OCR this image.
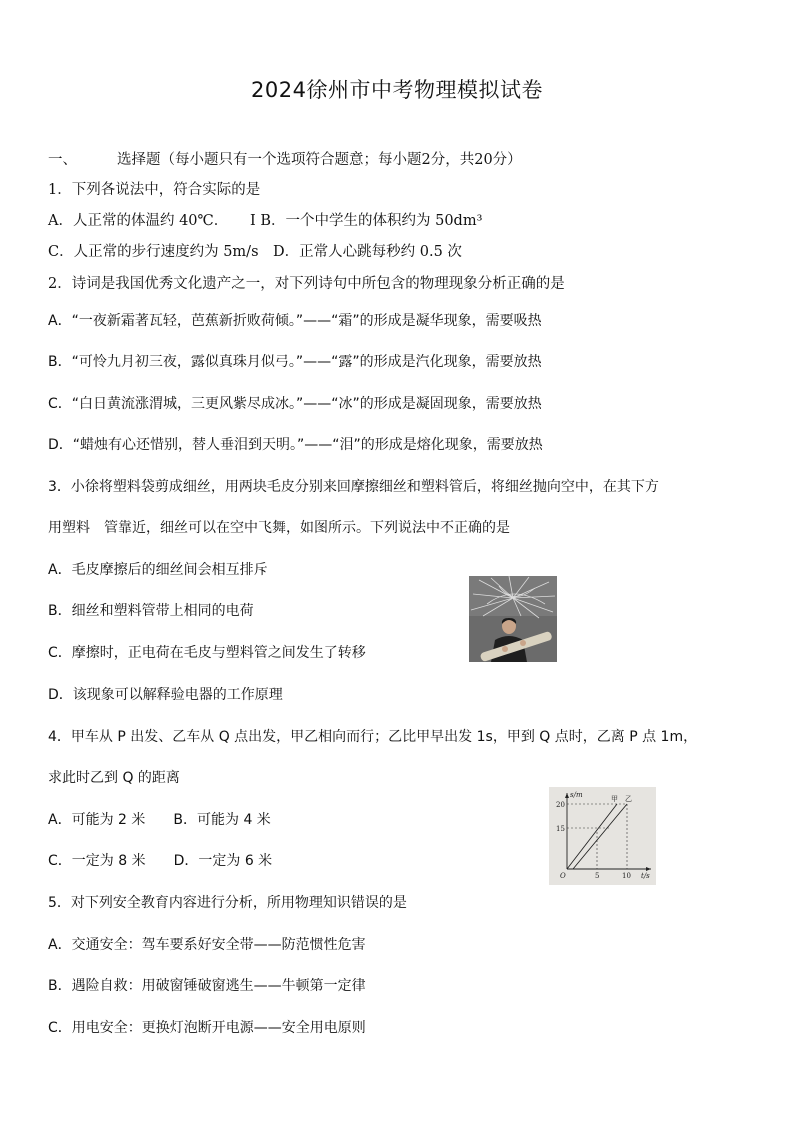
2024徐州市中考物理模拟试卷
一、	选择题（每小题只有一个选项符合题意；每小题2分，共20分）
1．下列各说法中，符合实际的是
A．人正常的体温约 40℃．　　I B．一个中学生的体积约为 50dm³
C．人正常的步行速度约为 5m/s　D．正常人心跳每秒约 0.5 次
2．诗词是我国优秀文化遗产之一，对下列诗句中所包含的物理现象分析正确的是
A．“一夜新霜著瓦轻，芭蕉新折败荷倾。”——“霜”的形成是凝华现象，需要吸热
B．“可怜九月初三夜，露似真珠月似弓。”——“露”的形成是汽化现象，需要放热
C．“白日黄流涨渭城，三更风紫尽成冰。”——“冰”的形成是凝固现象，需要放热
D．“蜡烛有心还惜别，替人垂泪到天明。”——“泪”的形成是熔化现象，需要放热
3．小徐将塑料袋剪成细丝，用两块毛皮分别来回摩擦细丝和塑料管后，将细丝抛向空中，在其下方
用塑料　管靠近，细丝可以在空中飞舞，如图所示。下列说法中不正确的是
A．毛皮摩擦后的细丝间会相互排斥
B．细丝和塑料管带上相同的电荷
C．摩擦时，正电荷在毛皮与塑料管之间发生了转移
D．该现象可以解释验电器的工作原理
4．甲车从 P 出发、乙车从 Q 点出发，甲乙相向而行；乙比甲早出发 1s，甲到 Q 点时，乙离 P 点 1m，
求此时乙到 Q 的距离
A．可能为 2 米　　B．可能为 4 米
C．一定为 8 米　　D．一定为 6 米
s/m
t/s
20
15
5	10
O
甲 乙
5．对下列安全教育内容进行分析，所用物理知识错误的是
A．交通安全：驾车要系好安全带——防范惯性危害
B．遇险自救：用破窗锤破窗逃生——牛顿第一定律
C．用电安全：更换灯泡断开电源——安全用电原则
